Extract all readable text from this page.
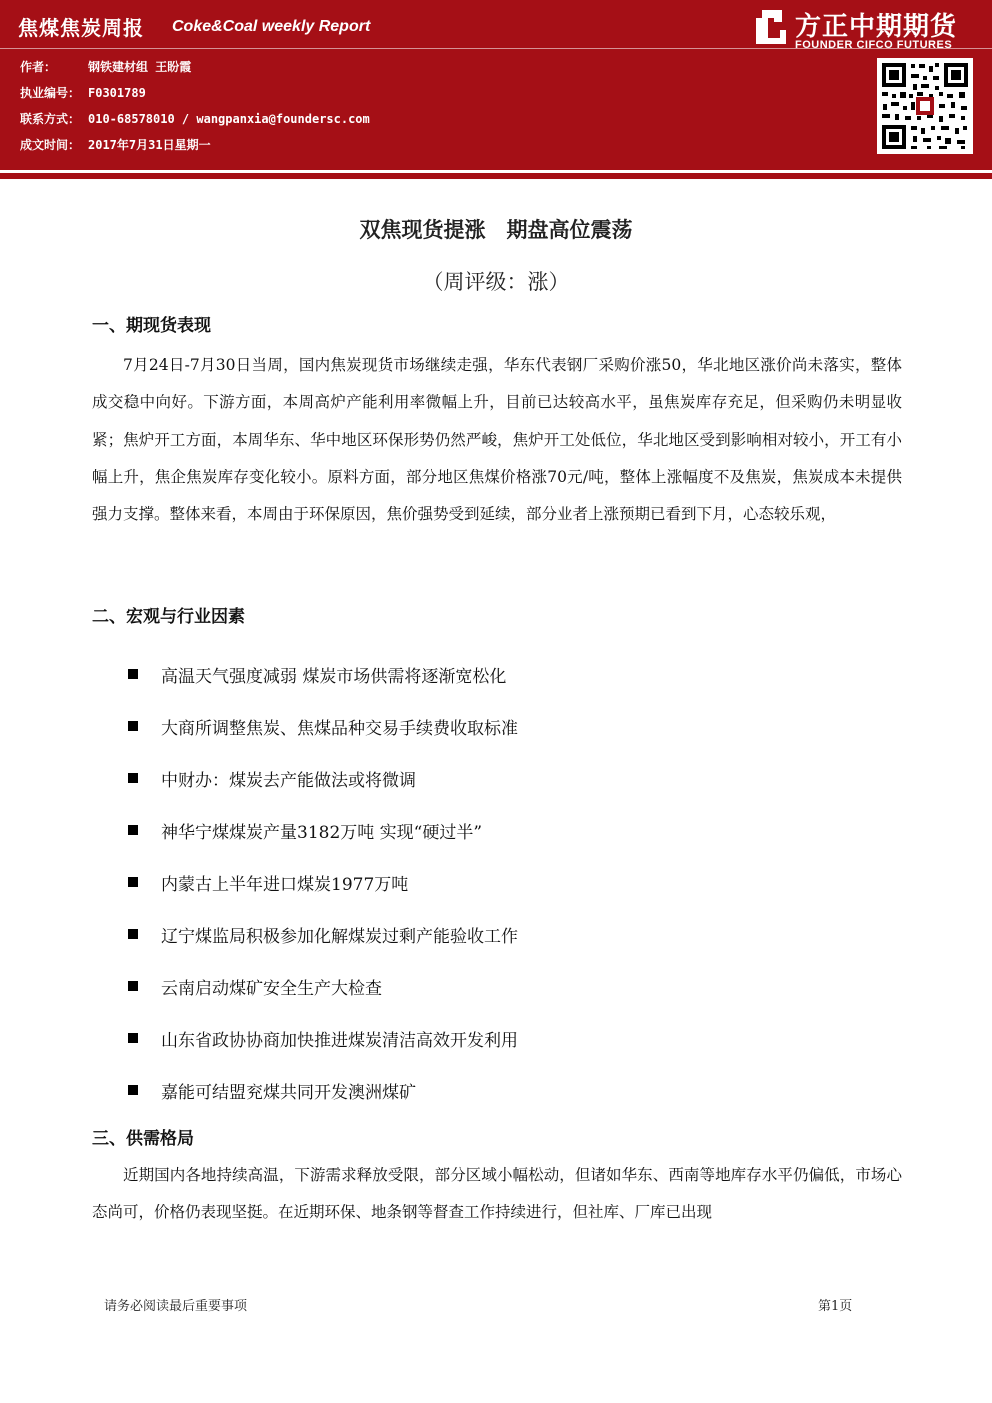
焦煤焦炭周报 Coke&Coal weekly Report
作者：	钢铁建材组 王盼霞
执业编号： F0301789
联系方式： 010-68578010 / wangpanxia@foundersc.com
成文时间： 2017年7月31日星期一
方正中期期货
FOUNDER CIFCO FUTURES
双焦现货提涨　期盘高位震荡
（周评级：涨）
一、期现货表现

7月24日-7月30日当周，国内焦炭现货市场继续走强，华东代表钢厂采购价涨50，华北地区涨价尚未落实，整体成交稳中向好。下游方面，本周高炉产能利用率微幅上升，目前已达较高水平，虽焦炭库存充足，但采购仍未明显收紧；焦炉开工方面，本周华东、华中地区环保形势仍然严峻，焦炉开工处低位，华北地区受到影响相对较小，开工有小幅上升，焦企焦炭库存变化较小。原料方面，部分地区焦煤价格涨70元/吨，整体上涨幅度不及焦炭，焦炭成本未提供强力支撑。整体来看，本周由于环保原因，焦价强势受到延续，部分业者上涨预期已看到下月，心态较乐观，

二、宏观与行业因素
高温天气强度减弱 煤炭市场供需将逐渐宽松化
大商所调整焦炭、焦煤品种交易手续费收取标准
中财办：煤炭去产能做法或将微调
神华宁煤煤炭产量3182万吨 实现“硬过半”
内蒙古上半年进口煤炭1977万吨
辽宁煤监局积极参加化解煤炭过剩产能验收工作
云南启动煤矿安全生产大检查
山东省政协协商加快推进煤炭清洁高效开发利用
嘉能可结盟兖煤共同开发澳洲煤矿
三、供需格局

近期国内各地持续高温，下游需求释放受限，部分区域小幅松动，但诸如华东、西南等地库存水平仍偏低，市场心态尚可，价格仍表现坚挺。在近期环保、地条钢等督查工作持续进行，但社库、厂库已出现

请务必阅读最后重要事项	第1页
